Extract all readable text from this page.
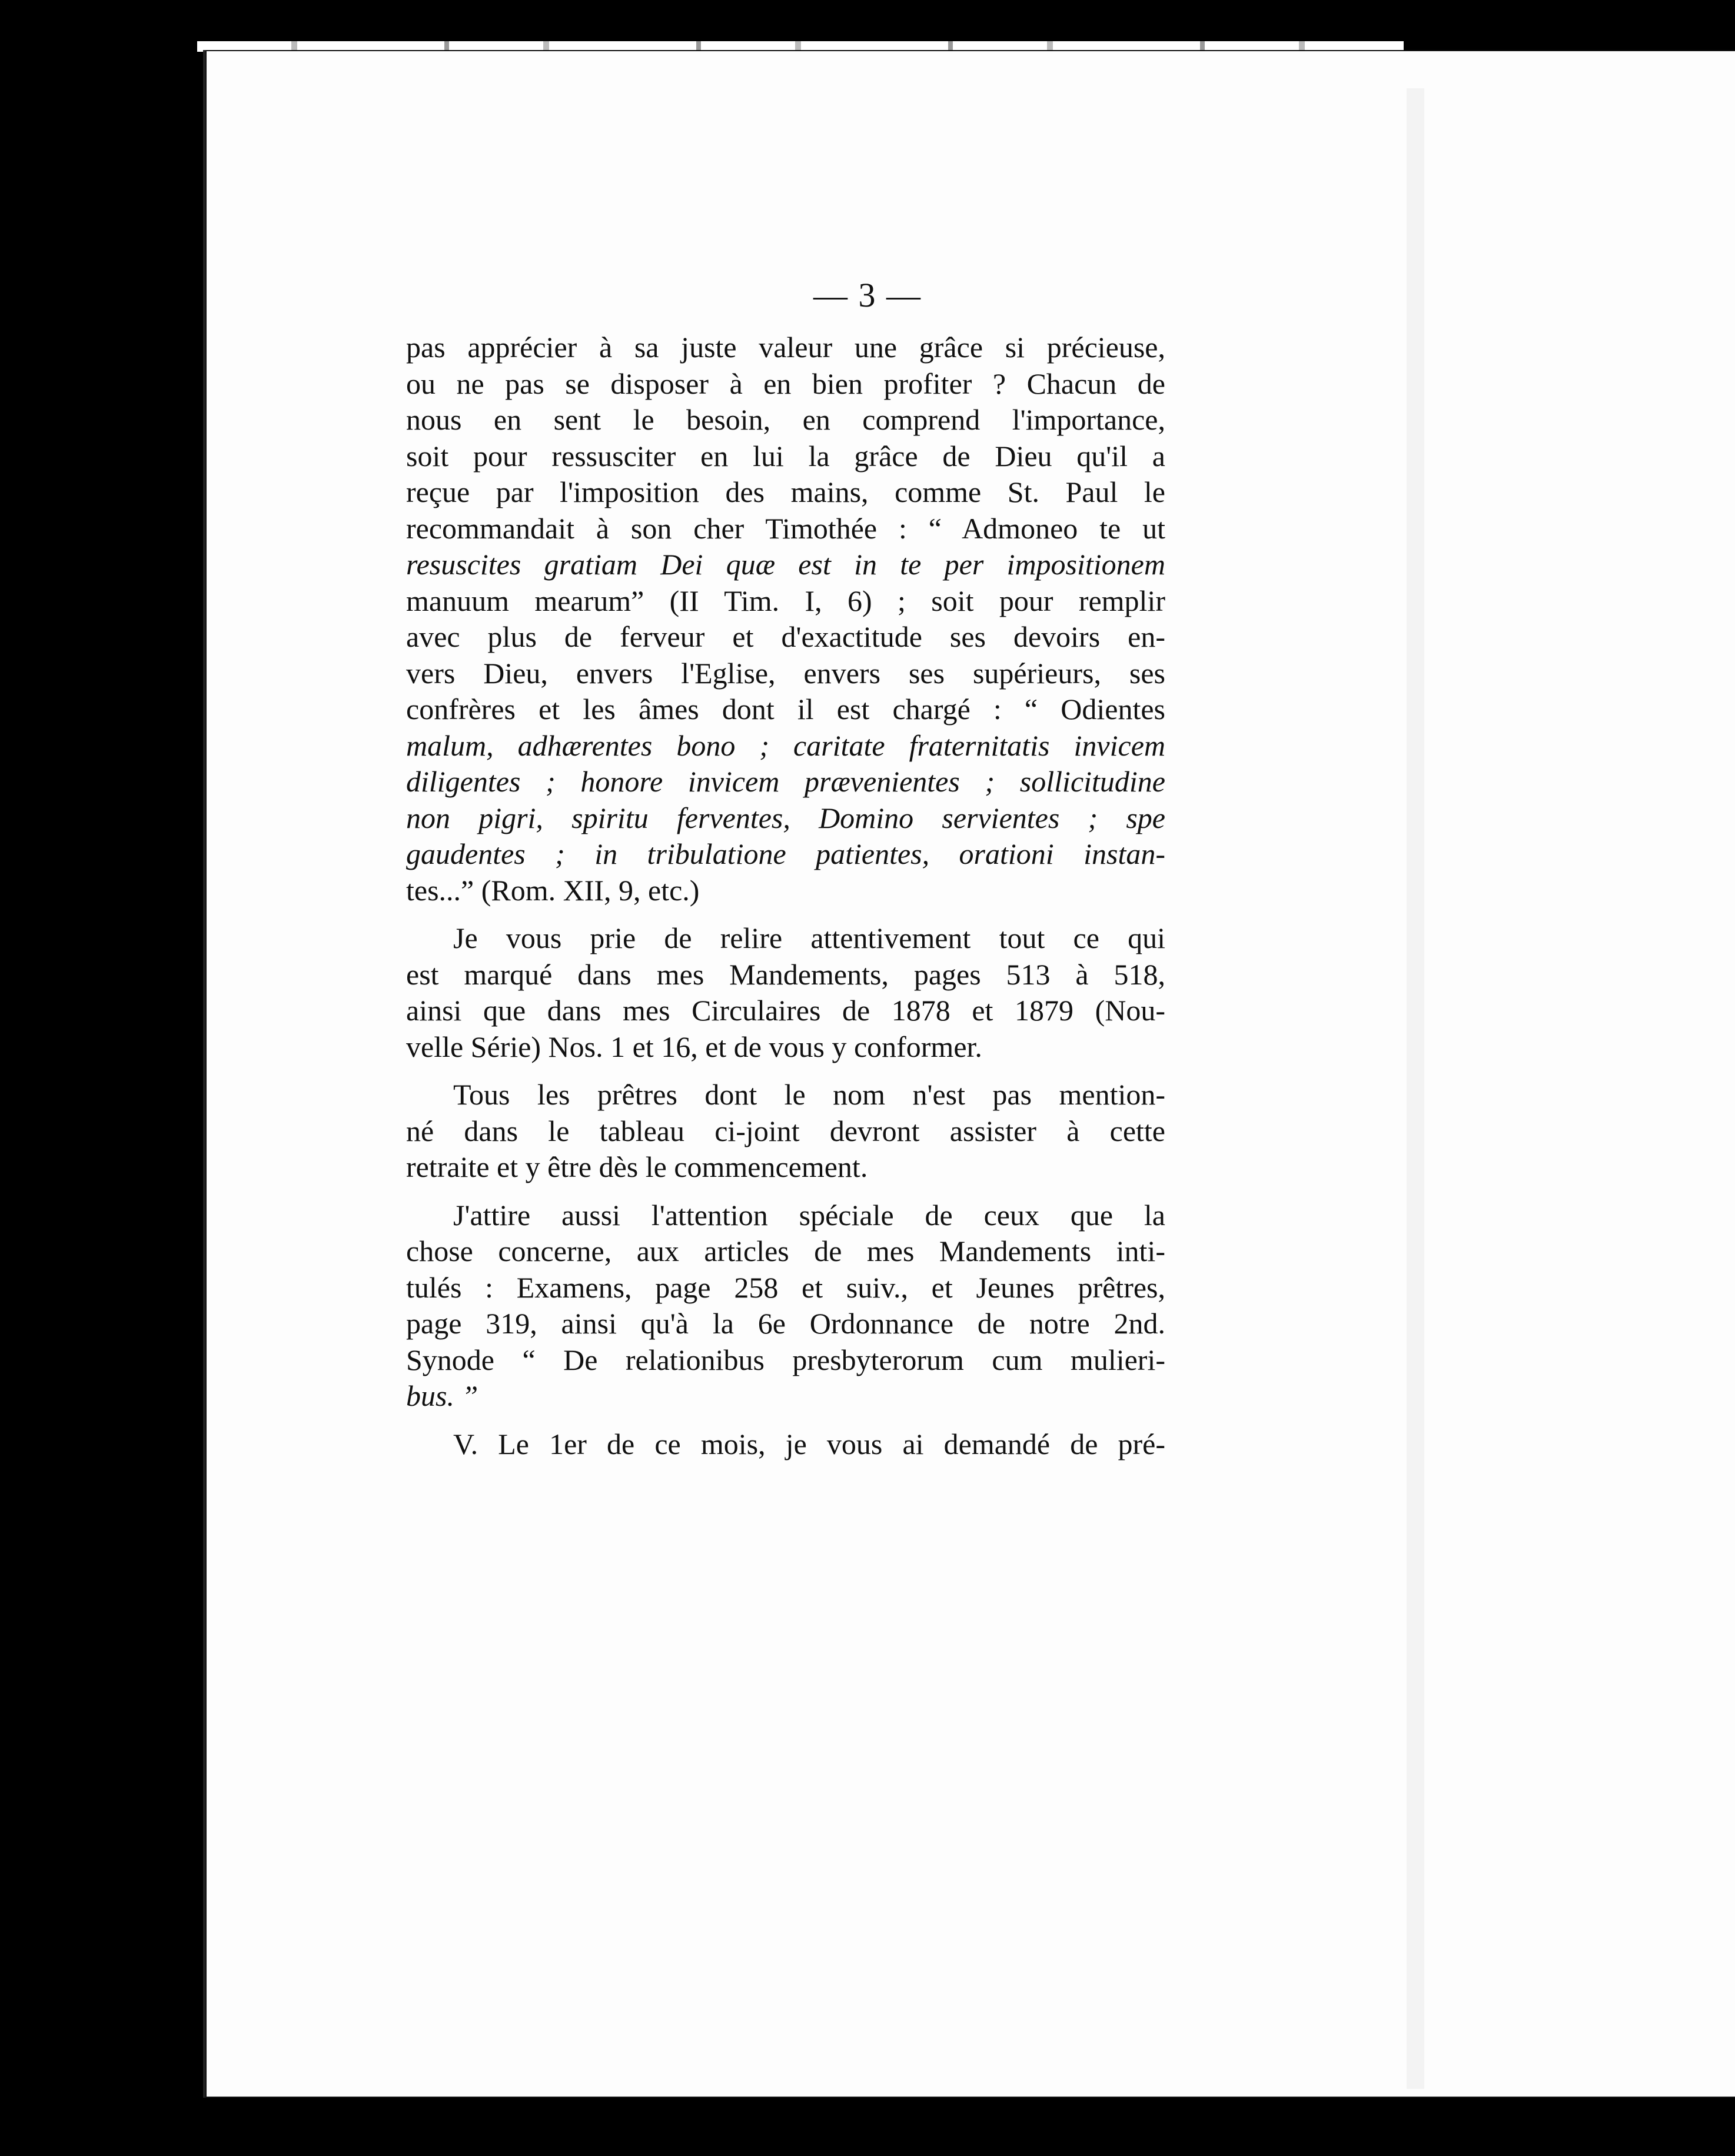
— 3 —
pas apprécier à sa juste valeur une grâce si précieuse,
ou ne pas se disposer à en bien profiter ? Chacun de
nous en sent le besoin, en comprend l'importance,
soit pour ressusciter en lui la grâce de Dieu qu'il a
reçue par l'imposition des mains, comme St. Paul le
recommandait à son cher Timothée : “ Admoneo te ut
resuscites gratiam Dei quæ est in te per impositionem
manuum mearum” (II Tim. I, 6) ; soit pour remplir
avec plus de ferveur et d'exactitude ses devoirs en-
vers Dieu, envers l'Eglise, envers ses supérieurs, ses
confrères et les âmes dont il est chargé : “ Odientes
malum, adhærentes bono ; caritate fraternitatis invicem
diligentes ; honore invicem prævenientes ; sollicitudine
non pigri, spiritu ferventes, Domino servientes ; spe
gaudentes ; in tribulatione patientes, orationi instan-
tes...” (Rom. XII, 9, etc.)
Je vous prie de relire attentivement tout ce qui
est marqué dans mes Mandements, pages 513 à 518,
ainsi que dans mes Circulaires de 1878 et 1879 (Nou-
velle Série) Nos. 1 et 16, et de vous y conformer.
Tous les prêtres dont le nom n'est pas mention-
né dans le tableau ci-joint devront assister à cette
retraite et y être dès le commencement.
J'attire aussi l'attention spéciale de ceux que la
chose concerne, aux articles de mes Mandements inti-
tulés : Examens, page 258 et suiv., et Jeunes prêtres,
page 319, ainsi qu'à la 6e Ordonnance de notre 2nd.
Synode “ De relationibus presbyterorum cum mulieri-
bus. ”
V. Le 1er de ce mois, je vous ai demandé de pré-
